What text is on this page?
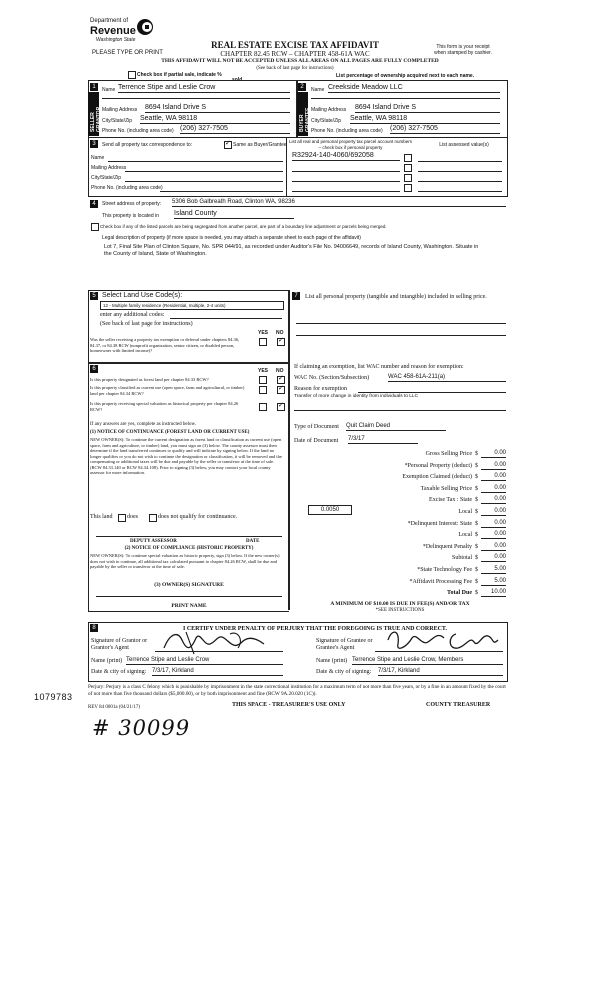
Department of
Revenue
Washington State
PLEASE TYPE OR PRINT
REAL ESTATE EXCISE TAX AFFIDAVIT
CHAPTER 82.45 RCW – CHAPTER 458-61A WAC
THIS AFFIDAVIT WILL NOT BE ACCEPTED UNLESS ALL AREAS ON ALL PAGES ARE FULLY COMPLETED
(See back of last page for instructions)
This form is your receipt
when stamped by cashier.
Check box if partial sale, indicate %
sold.
List percentage of ownership acquired next to each name.
1	2
SELLER GRANTOR	BUYER GRANTEE
Name Terrence Stipe and Leslie Crow
Mailing Address 8694 Island Drive S
City/State/Zip Seattle, WA 98118
Phone No. (including area code) (206) 327-7505
Name Creekside Meadow LLC
Mailing Address 8694 Island Drive S
City/State/Zip Seattle, WA 98118
Phone No. (including area code) (206) 327-7505
3	Send all property tax correspondence to:
✓	Same as Buyer/Grantee
Name
Mailing Address
City/State/Zip
Phone No. (including area code)
List all real and personal property tax parcel account numbers – check box if personal property	List assessed value(s)
R32924-140-4060/692058
4	Street address of property: 5306 Bob Galbreath Road, Clinton WA, 98236
This property is located in Island County
Check box if any of the listed parcels are being segregated from another parcel, are part of a boundary line adjustment or parcels being merged.
Legal description of property (if more space is needed, you may attach a separate sheet to each page of the affidavit)
Lot 7, Final Site Plan of Clinton Square, No. SPR 044/91, as recorded under Auditor's File No. 94006649, records of Island County, Washington. Situate in the County of Island, State of Washington.
5 Select Land Use Code(s):
12 - Multiple family residence (Residential, multiple, 2-4 units)
enter any additional codes:
(See back of last page for instructions)
YES NO
Was the seller receiving a property tax exemption or deferral under chapters 84.36, 84.37, or 84.38 RCW (nonprofit organization, senior citizen, or disabled person, homeowner with limited income)?
✓
6	YES NO
Is this property designated as forest land per chapter 84.33 RCW?
✓
Is this property classified as current use (open space, farm and agricultural, or timber) land per chapter 84.34 RCW?
✓
Is this property receiving special valuation as historical property per chapter 84.26 RCW?
✓
If any answers are yes, complete as instructed below.
(1) NOTICE OF CONTINUANCE (FOREST LAND OR CURRENT USE)
NEW OWNER(S): To continue the current designation as forest land or classification as current use (open space, farm and agriculture, or timber) land, you must sign on (3) below. The county assessor must then determine if the land transferred continues to qualify and will indicate by signing below. If the land no longer qualifies or you do not wish to continue the designation or classification, it will be removed and the compensating or additional taxes will be due and payable by the seller or transferor at the time of sale. (RCW 84.33.140 or RCW 84.34.108). Prior to signing (3) below, you may contact your local county assessor for more information.
This land does	does not qualify for continuance.
DEPUTY ASSESSOR	DATE
(2) NOTICE OF COMPLIANCE (HISTORIC PROPERTY)
NEW OWNER(S): To continue special valuation as historic property, sign (3) below. If the new owner(s) does not wish to continue, all additional tax calculated pursuant to chapter 84.26 RCW, shall be due and payable by the seller or transferor at the time of sale.
(3) OWNER(S) SIGNATURE
PRINT NAME
7	List all personal property (tangible and intangible) included in selling price.
If claiming an exemption, list WAC number and reason for exemption:
WAC No. (Section/Subsection)	WAC 458-61A-211(a)
Reason for exemption
Transfer of more change in identity from individuals to LLC
Type of Document Quit Claim Deed
Date of Document 7/3/17
Gross Selling Price $	0.00
*Personal Property (deduct) $	0.00
Exemption Claimed (deduct) $	0.00
Taxable Selling Price $	0.00
Excise Tax : State $	0.00
Local $	0.00
*Delinquent Interest: State $	0.00
Local $	0.00
*Delinquent Penalty $	0.00
Subtotal $	0.00
*State Technology Fee $	5.00
*Affidavit Processing Fee $	5.00
Total Due $	10.00
0.0050
A MINIMUM OF $10.00 IS DUE IN FEE(S) AND/OR TAX
*SEE INSTRUCTIONS
8	I CERTIFY UNDER PENALTY OF PERJURY THAT THE FOREGOING IS TRUE AND CORRECT.
Signature of Grantor or Grantor's Agent
Signature of Grantee or Grantee's Agent
Name (print) Terrence Stipe and Leslie Crow	Name (print) Terrence Stipe and Leslie Crow, Members
Date & city of signing: 7/3/17, Kirkland	Date & city of signing: 7/3/17, Kirkland
Perjury: Perjury is a class C felony which is punishable by imprisonment in the state correctional institution for a maximum term of not more than five years, or by a fine in an amount fixed by the court of not more than five thousand dollars ($5,000.00), or by both imprisonment and fine (RCW 9A.20.020 (1C)).
1079783
REV 84 0001a (04/21/17)	THIS SPACE - TREASURER'S USE ONLY	COUNTY TREASURER
# 30099
